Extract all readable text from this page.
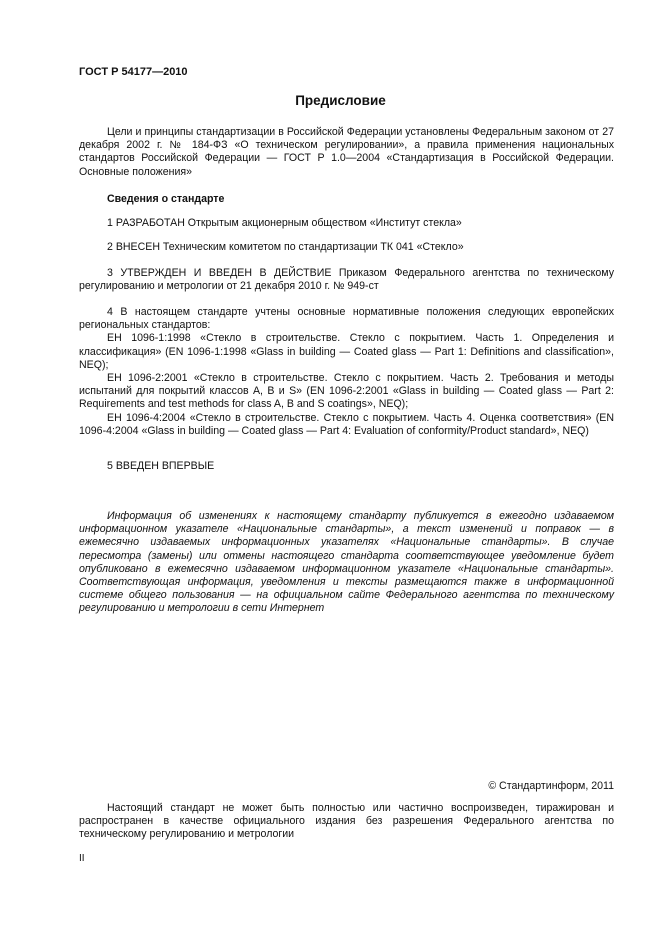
ГОСТ Р 54177—2010
Предисловие

Цели и принципы стандартизации в Российской Федерации установлены Федеральным законом от 27 декабря 2002 г. № 184-ФЗ «О техническом регулировании», а правила применения национальных стандартов Российской Федерации — ГОСТ Р 1.0—2004 «Стандартизация в Российской Федерации. Основные положения»

Сведения о стандарте

1 РАЗРАБОТАН Открытым акционерным обществом «Институт стекла»

2 ВНЕСЕН Техническим комитетом по стандартизации ТК 041 «Стекло»

3 УТВЕРЖДЕН И ВВЕДЕН В ДЕЙСТВИЕ Приказом Федерального агентства по техническому регулированию и метрологии от 21 декабря 2010 г. № 949-ст

4 В настоящем стандарте учтены основные нормативные положения следующих европейских региональных стандартов:

ЕН 1096-1:1998 «Стекло в строительстве. Стекло с покрытием. Часть 1. Определения и классификация» (EN 1096-1:1998 «Glass in building — Coated glass — Part 1: Definitions and classification», NEQ);

ЕН 1096-2:2001 «Стекло в строительстве. Стекло с покрытием. Часть 2. Требования и методы испытаний для покрытий классов А, В и S» (EN 1096-2:2001 «Glass in building — Coated glass — Part 2: Requirements and test methods for class A, B and S coatings», NEQ);

ЕН 1096-4:2004 «Стекло в строительстве. Стекло с покрытием. Часть 4. Оценка соответствия» (EN 1096-4:2004 «Glass in building — Coated glass — Part 4: Evaluation of conformity/Product standard», NEQ)

5 ВВЕДЕН ВПЕРВЫЕ

Информация об изменениях к настоящему стандарту публикуется в ежегодно издаваемом информационном указателе «Национальные стандарты», а текст изменений и поправок — в ежемесячно издаваемых информационных указателях «Национальные стандарты». В случае пересмотра (замены) или отмены настоящего стандарта соответствующее уведомление будет опубликовано в ежемесячно издаваемом информационном указателе «Национальные стандарты». Соответствующая информация, уведомления и тексты размещаются также в информационной системе общего пользования — на официальном сайте Федерального агентства по техническому регулированию и метрологии в сети Интернет

© Стандартинформ, 2011

Настоящий стандарт не может быть полностью или частично воспроизведен, тиражирован и распространен в качестве официального издания без разрешения Федерального агентства по техническому регулированию и метрологии

II
